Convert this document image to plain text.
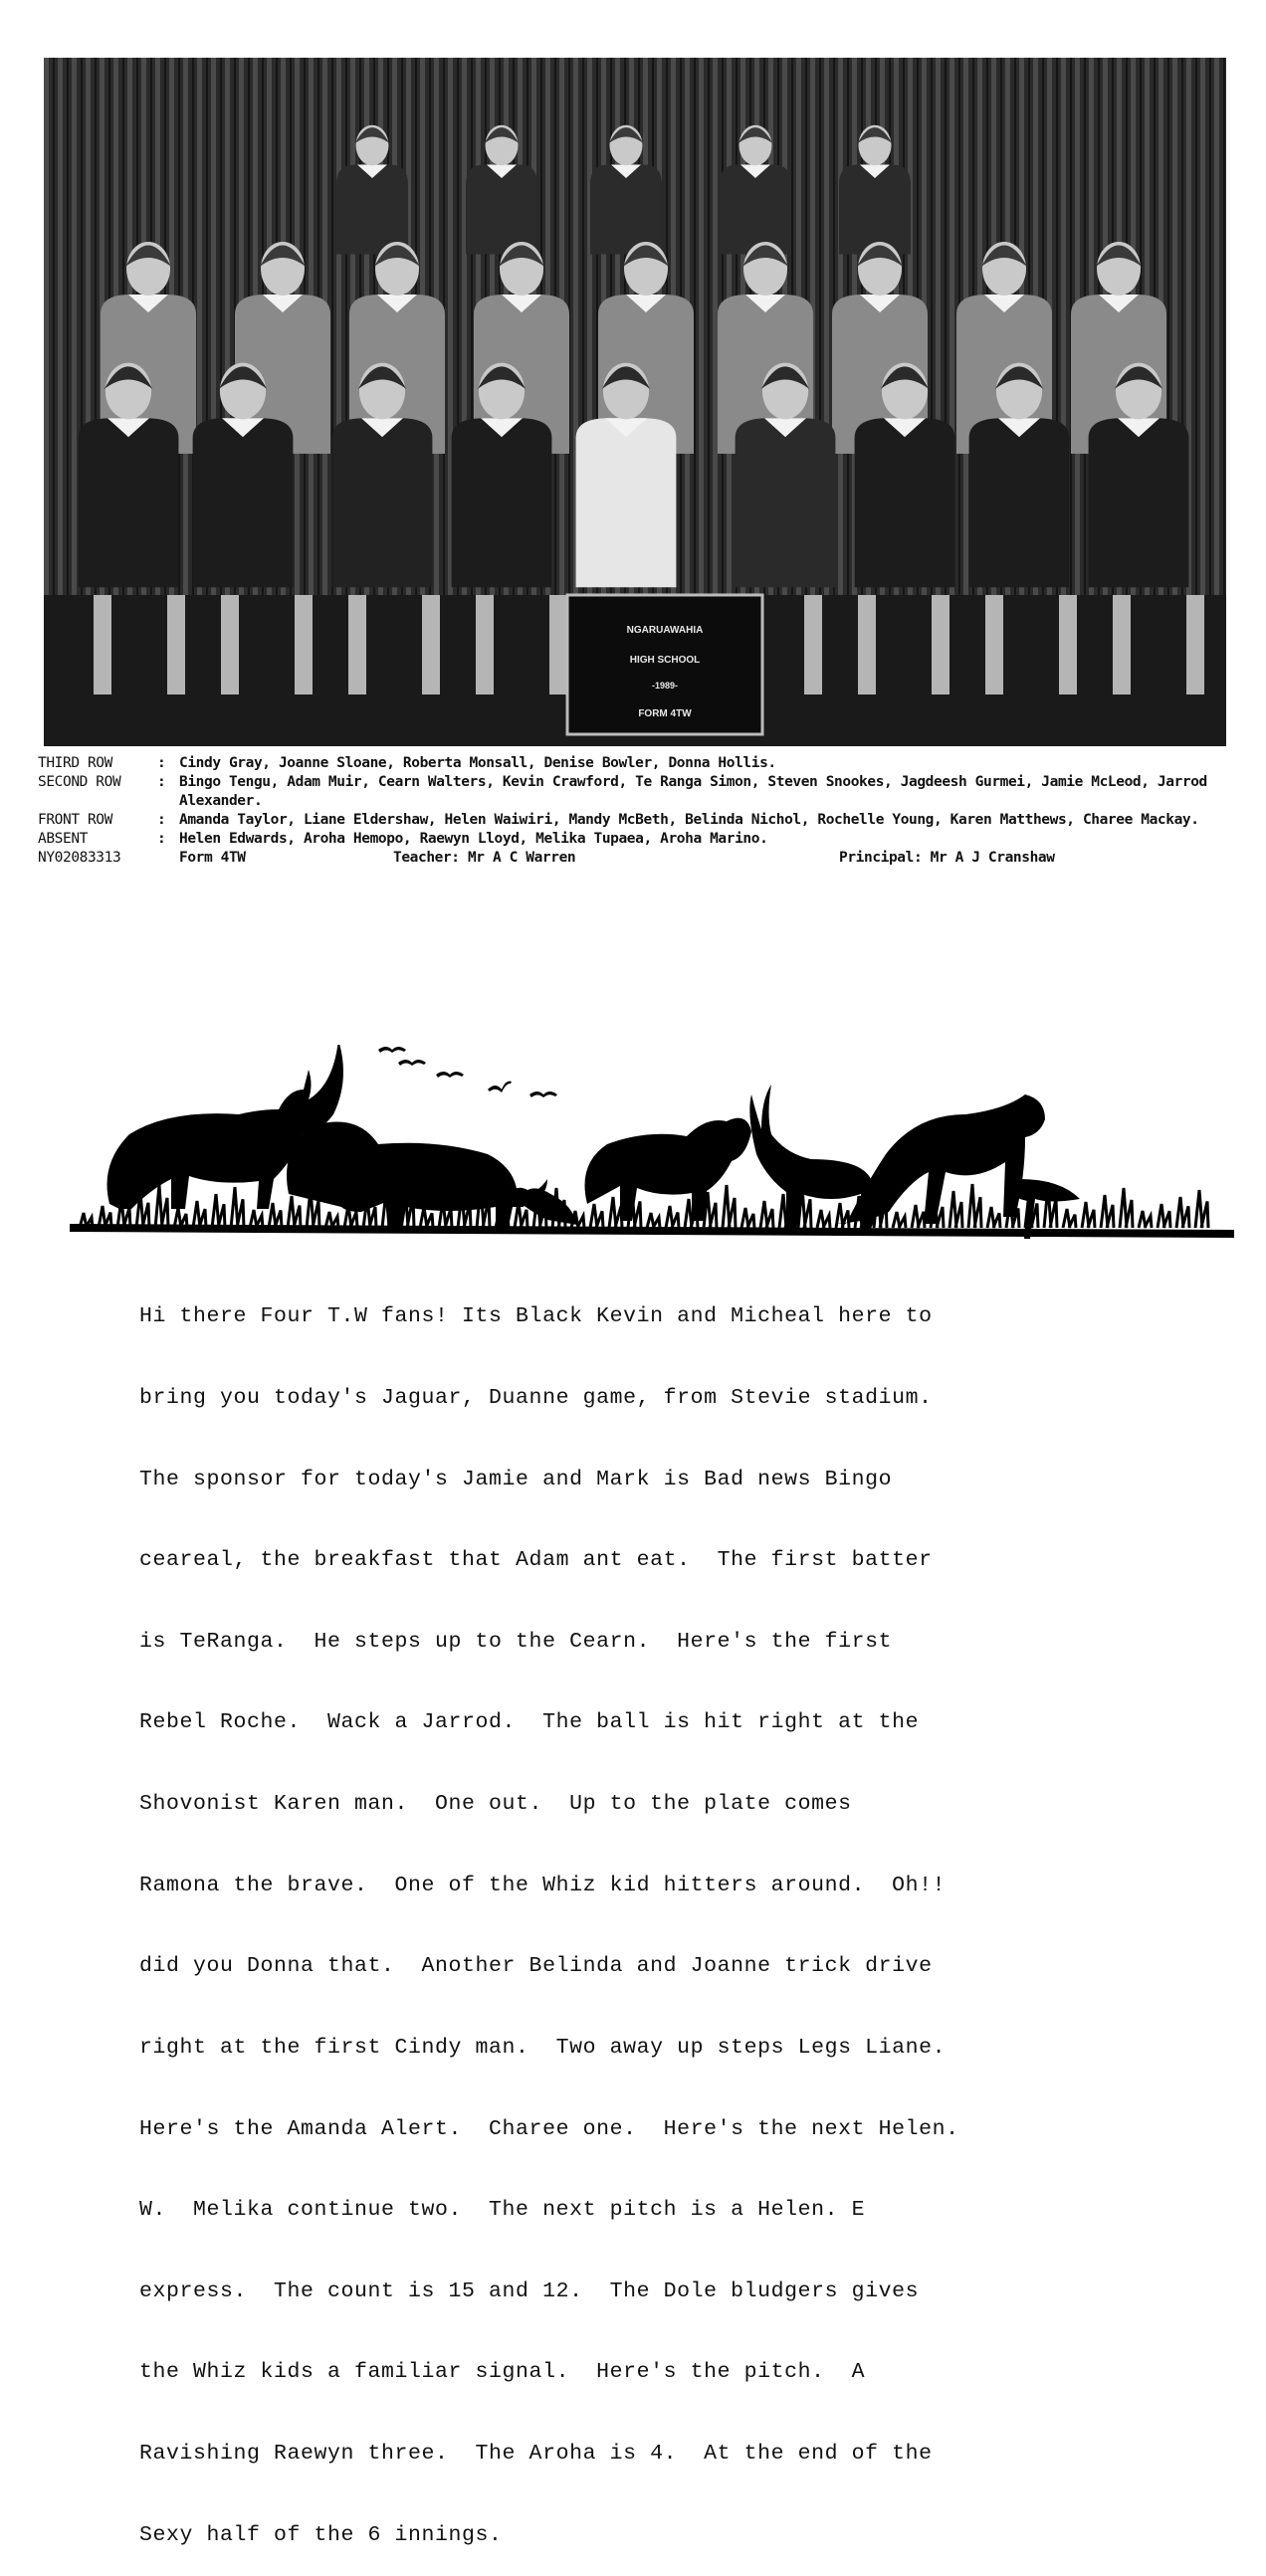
NGARUAWAHIA
HIGH SCHOOL
-1989-
FORM 4TW
THIRD ROW	: Cindy Gray, Joanne Sloane, Roberta Monsall, Denise Bowler, Donna Hollis.
SECOND ROW	: Bingo Tengu, Adam Muir, Cearn Walters, Kevin Crawford, Te Ranga Simon, Steven Snookes, Jagdeesh Gurmei, Jamie McLeod, Jarrod Alexander.
FRONT ROW	: Amanda Taylor, Liane Eldershaw, Helen Waiwiri, Mandy McBeth, Belinda Nichol, Rochelle Young, Karen Matthews, Charee Mackay.
ABSENT	: Helen Edwards, Aroha Hemopo, Raewyn Lloyd, Melika Tupaea, Aroha Marino.
NY02083313	Form 4TW	Teacher: Mr A C Warren	Principal: Mr A J Cranshaw

Hi there Four T.W fans! Its Black Kevin and Micheal here to

bring you today's Jaguar, Duanne game, from Stevie stadium.

The sponsor for today's Jamie and Mark is Bad news Bingo

ceareal, the breakfast that Adam ant eat.  The first batter

is TeRanga.  He steps up to the Cearn.  Here's the first

Rebel Roche.  Wack a Jarrod.  The ball is hit right at the

Shovonist Karen man.  One out.  Up to the plate comes

Ramona the brave.  One of the Whiz kid hitters around.  Oh!!

did you Donna that.  Another Belinda and Joanne trick drive

right at the first Cindy man.  Two away up steps Legs Liane.

Here's the Amanda Alert.  Charee one.  Here's the next Helen.

W.  Melika continue two.  The next pitch is a Helen. E

express.  The count is 15 and 12.  The Dole bludgers gives

the Whiz kids a familiar signal.  Here's the pitch.  A

Ravishing Raewyn three.  The Aroha is 4.  At the end of the

Sexy half of the 6 innings.
